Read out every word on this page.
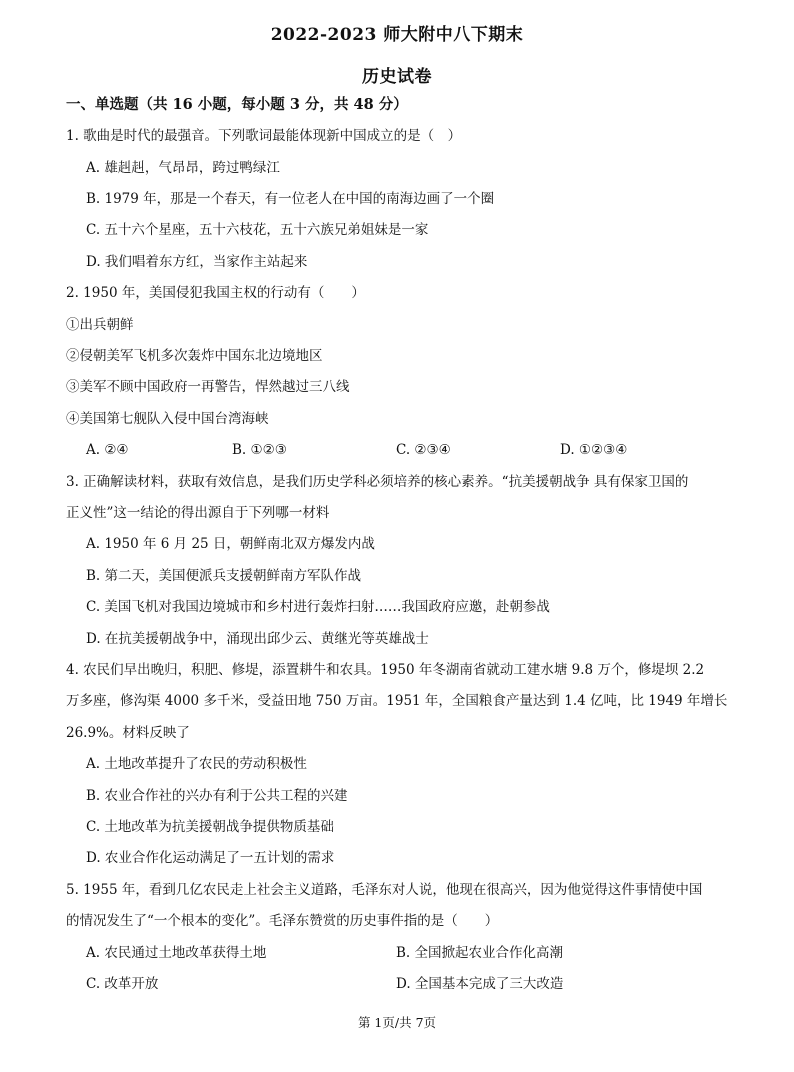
2022-2023 师大附中八下期末
历史试卷
一、单选题（共 16 小题，每小题 3 分，共 48 分）
1. 歌曲是时代的最强音。下列歌词最能体现新中国成立的是（　）
A. 雄赳赳，气昂昂，跨过鸭绿江
B. 1979 年，那是一个春天，有一位老人在中国的南海边画了一个圈
C. 五十六个星座，五十六枝花，五十六族兄弟姐妹是一家
D. 我们唱着东方红，当家作主站起来
2. 1950 年，美国侵犯我国主权的行动有（　　）
①出兵朝鲜
②侵朝美军飞机多次轰炸中国东北边境地区
③美军不顾中国政府一再警告，悍然越过三八线
④美国第七舰队入侵中国台湾海峡
A. ②④	B. ①②③	C. ②③④	D. ①②③④
3. 正确解读材料，获取有效信息，是我们历史学科必须培养的核心素养。“抗美援朝战争 具有保家卫国的
正义性”这一结论的得出源自于下列哪一材料
A. 1950 年 6 月 25 日，朝鲜南北双方爆发内战
B. 第二天，美国便派兵支援朝鲜南方军队作战
C. 美国飞机对我国边境城市和乡村进行轰炸扫射……我国政府应邀，赴朝参战
D. 在抗美援朝战争中，涌现出邱少云、黄继光等英雄战士
4. 农民们早出晚归，积肥、修堤，添置耕牛和农具。1950 年冬湖南省就动工建水塘 9.8 万个，修堤坝 2.2
万多座，修沟渠 4000 多千米，受益田地 750 万亩。1951 年，全国粮食产量达到 1.4 亿吨，比 1949 年增长
26.9%。材料反映了
A. 土地改革提升了农民的劳动积极性
B. 农业合作社的兴办有利于公共工程的兴建
C. 土地改革为抗美援朝战争提供物质基础
D. 农业合作化运动满足了一五计划的需求
5. 1955 年，看到几亿农民走上社会主义道路，毛泽东对人说，他现在很高兴，因为他觉得这件事情使中国
的情况发生了“一个根本的变化”。毛泽东赞赏的历史事件指的是（　　）
A. 农民通过土地改革获得土地	B. 全国掀起农业合作化高潮
C. 改革开放	D. 全国基本完成了三大改造
第 1页/共 7页
